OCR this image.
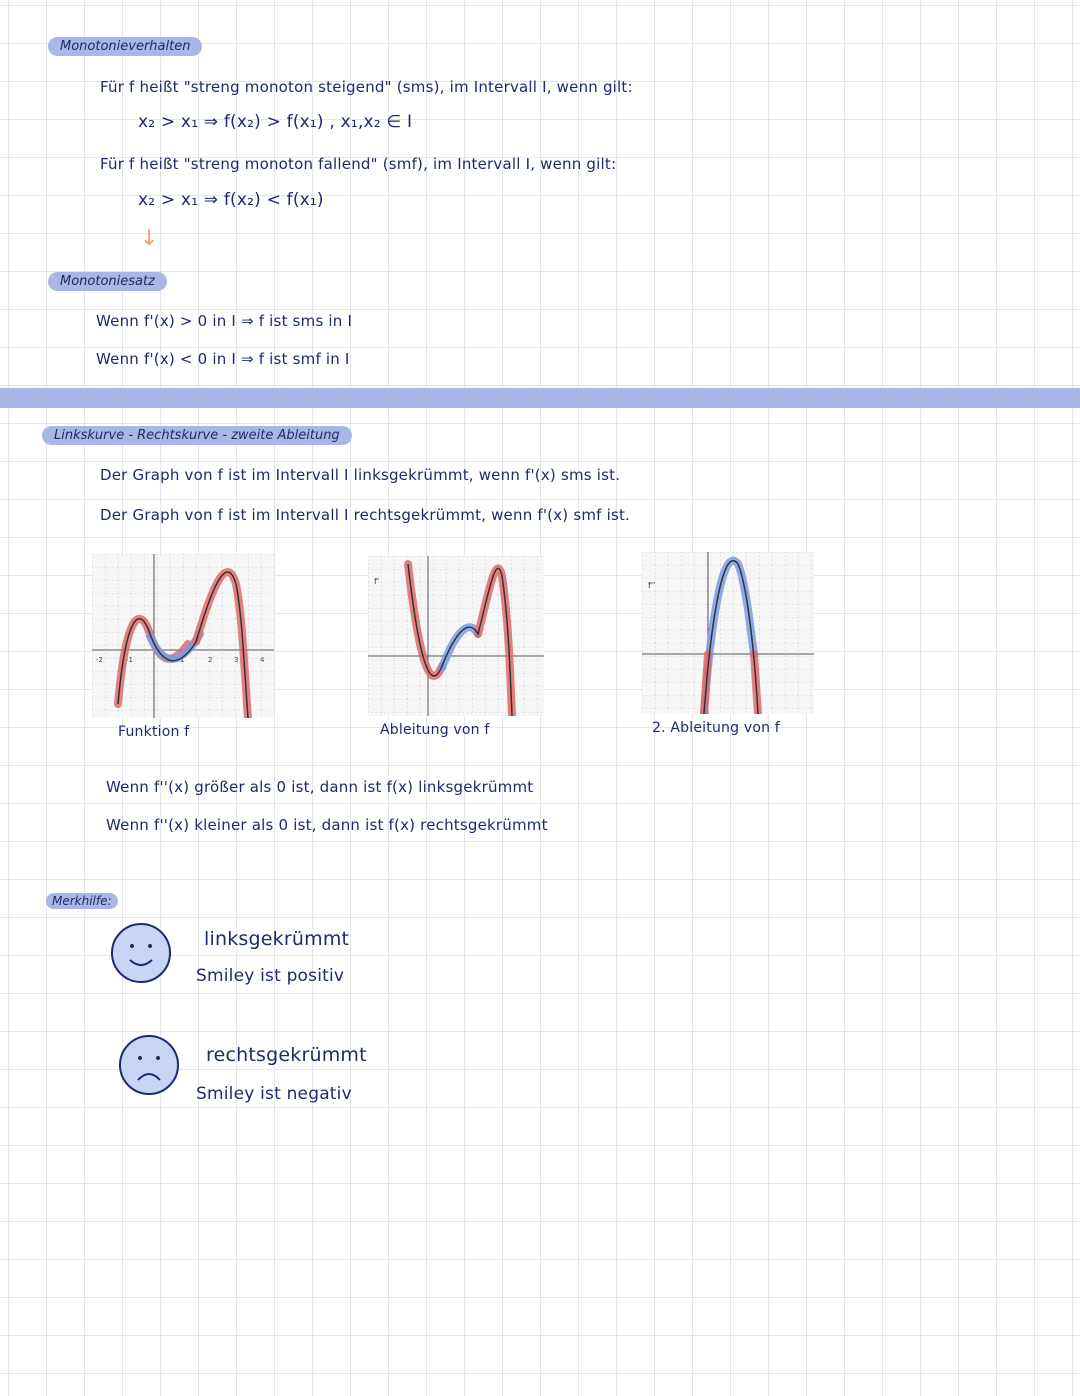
Monotonieverhalten
Für f heißt "streng monoton steigend" (sms), im Intervall I, wenn gilt:
x₂ > x₁ ⇒ f(x₂) > f(x₁) , x₁,x₂ ∈ I
Für f heißt "streng monoton fallend" (smf), im Intervall I, wenn gilt:
x₂ > x₁ ⇒ f(x₂) < f(x₁)
↓
Monotoniesatz
Wenn f'(x) > 0 in I ⇒ f ist sms in I
Wenn f'(x) < 0 in I ⇒ f ist smf in I
Linkskurve - Rechtskurve - zweite Ableitung
Der Graph von f ist im Intervall I linksgekrümmt, wenn f'(x) sms ist.
Der Graph von f ist im Intervall I rechtsgekrümmt, wenn f'(x) smf ist.
-2	-1	1	2	3	4
Funktion f
f'
Ableitung von f
f''
2. Ableitung von f
Wenn f''(x) größer als 0 ist, dann ist f(x) linksgekrümmt
Wenn f''(x) kleiner als 0 ist, dann ist f(x) rechtsgekrümmt
Merkhilfe:
linksgekrümmt
Smiley ist positiv
rechtsgekrümmt
Smiley ist negativ
